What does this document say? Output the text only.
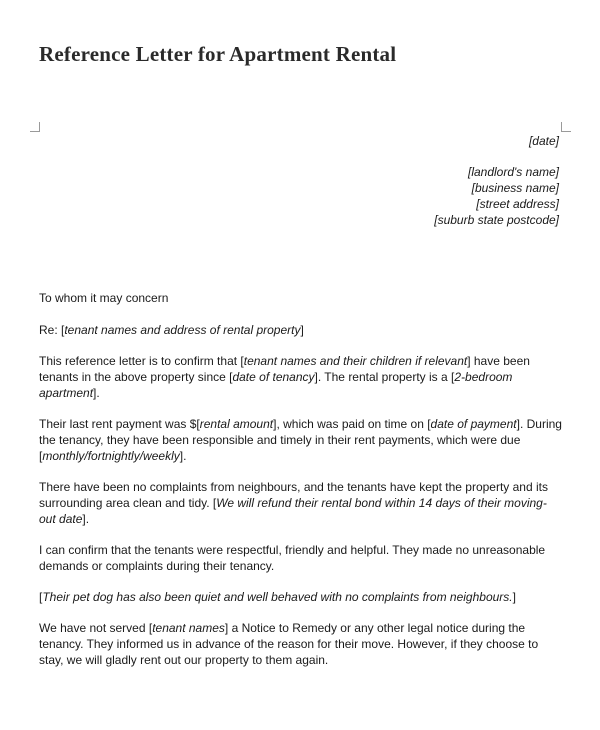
Reference Letter for Apartment Rental
[date]
[landlord's name]
[business name]
[street address]
[suburb state postcode]

To whom it may concern

Re: [tenant names and address of rental property]

This reference letter is to confirm that [tenant names and their children if relevant] have been tenants in the above property since [date of tenancy]. The rental property is a [2-bedroom apartment].

Their last rent payment was $[rental amount], which was paid on time on [date of payment]. During the tenancy, they have been responsible and timely in their rent payments, which were due [monthly/fortnightly/weekly].

There have been no complaints from neighbours, and the tenants have kept the property and its surrounding area clean and tidy. [We will refund their rental bond within 14 days of their moving-out date].

I can confirm that the tenants were respectful, friendly and helpful. They made no unreasonable demands or complaints during their tenancy.

[Their pet dog has also been quiet and well behaved with no complaints from neighbours.]

We have not served [tenant names] a Notice to Remedy or any other legal notice during the tenancy. They informed us in advance of the reason for their move. However, if they choose to stay, we will gladly rent out our property to them again.
